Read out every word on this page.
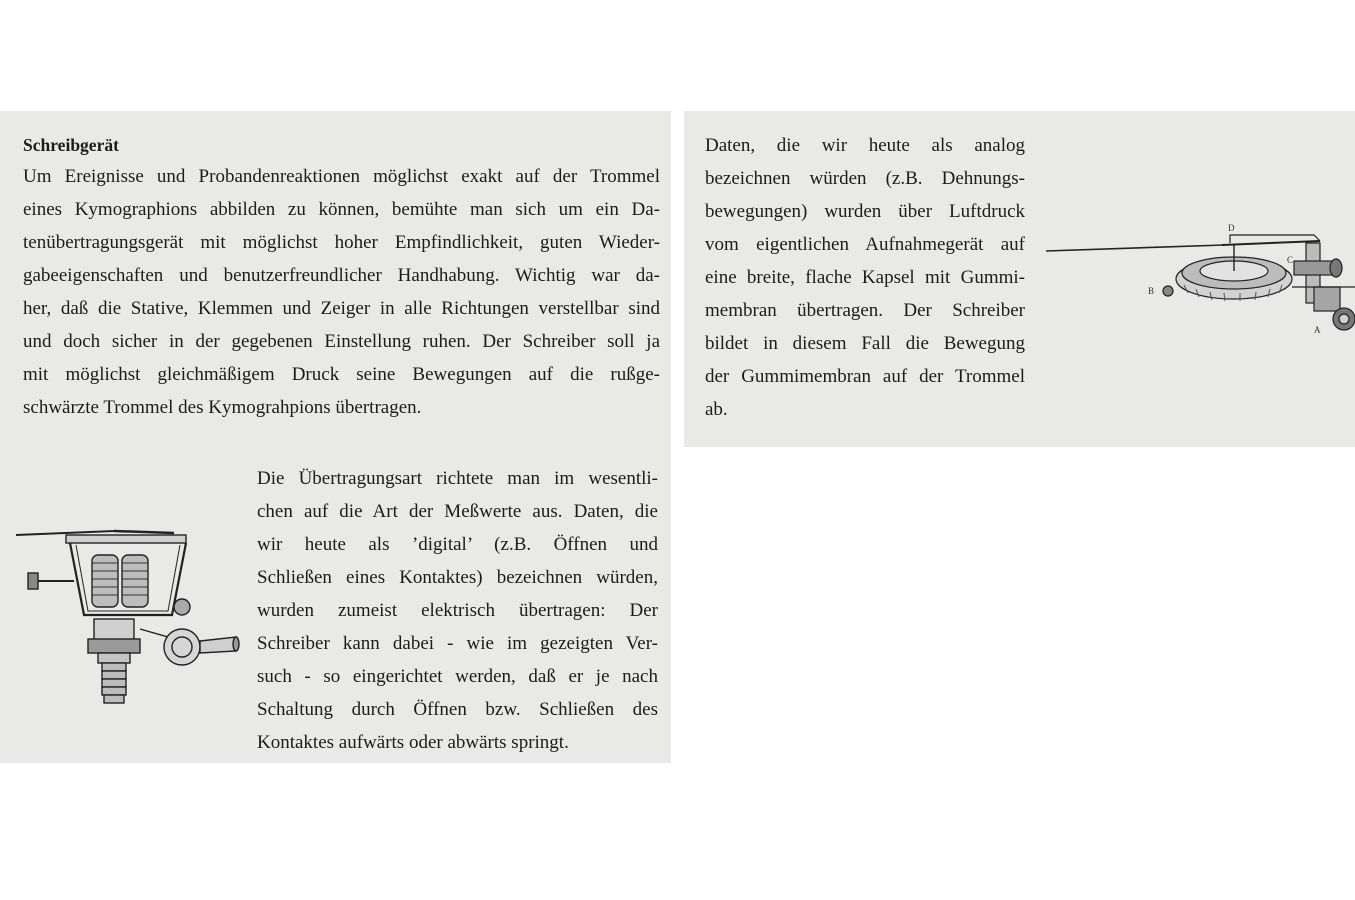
Schreibgerät

Um Ereignisse und Probandenreaktionen möglichst exakt auf der Trommel
eines Kymographions abbilden zu können, bemühte man sich um ein Da-
tenübertragungsgerät mit möglichst hoher Empfindlichkeit, guten Wieder-
gabeeigenschaften und benutzerfreundlicher Handhabung. Wichtig war da-
her, daß die Stative, Klemmen und Zeiger in alle Richtungen verstellbar sind
und doch sicher in der gegebenen Einstellung ruhen. Der Schreiber soll ja
mit möglichst gleichmäßigem Druck seine Bewegungen auf die rußge-
schwärzte Trommel des Kymograhpions übertragen.

Die Übertragungsart richtete man im wesentli-
chen auf die Art der Meßwerte aus. Daten, die
wir heute als ’digital’ (z.B. Öffnen und
Schließen eines Kontaktes) bezeichnen würden,
wurden zumeist elektrisch übertragen: Der
Schreiber kann dabei - wie im gezeigten Ver-
such - so eingerichtet werden, daß er je nach
Schaltung durch Öffnen bzw. Schließen des
Kontaktes aufwärts oder abwärts springt.

Daten, die wir heute als analog
bezeichnen würden (z.B. Dehnungs-
bewegungen) wurden über Luftdruck
vom eigentlichen Aufnahmegerät auf
eine breite, flache Kapsel mit Gummi-
membran übertragen. Der Schreiber
bildet in diesem Fall die Bewegung
der Gummimembran auf der Trommel
ab.

D
C
B
A
